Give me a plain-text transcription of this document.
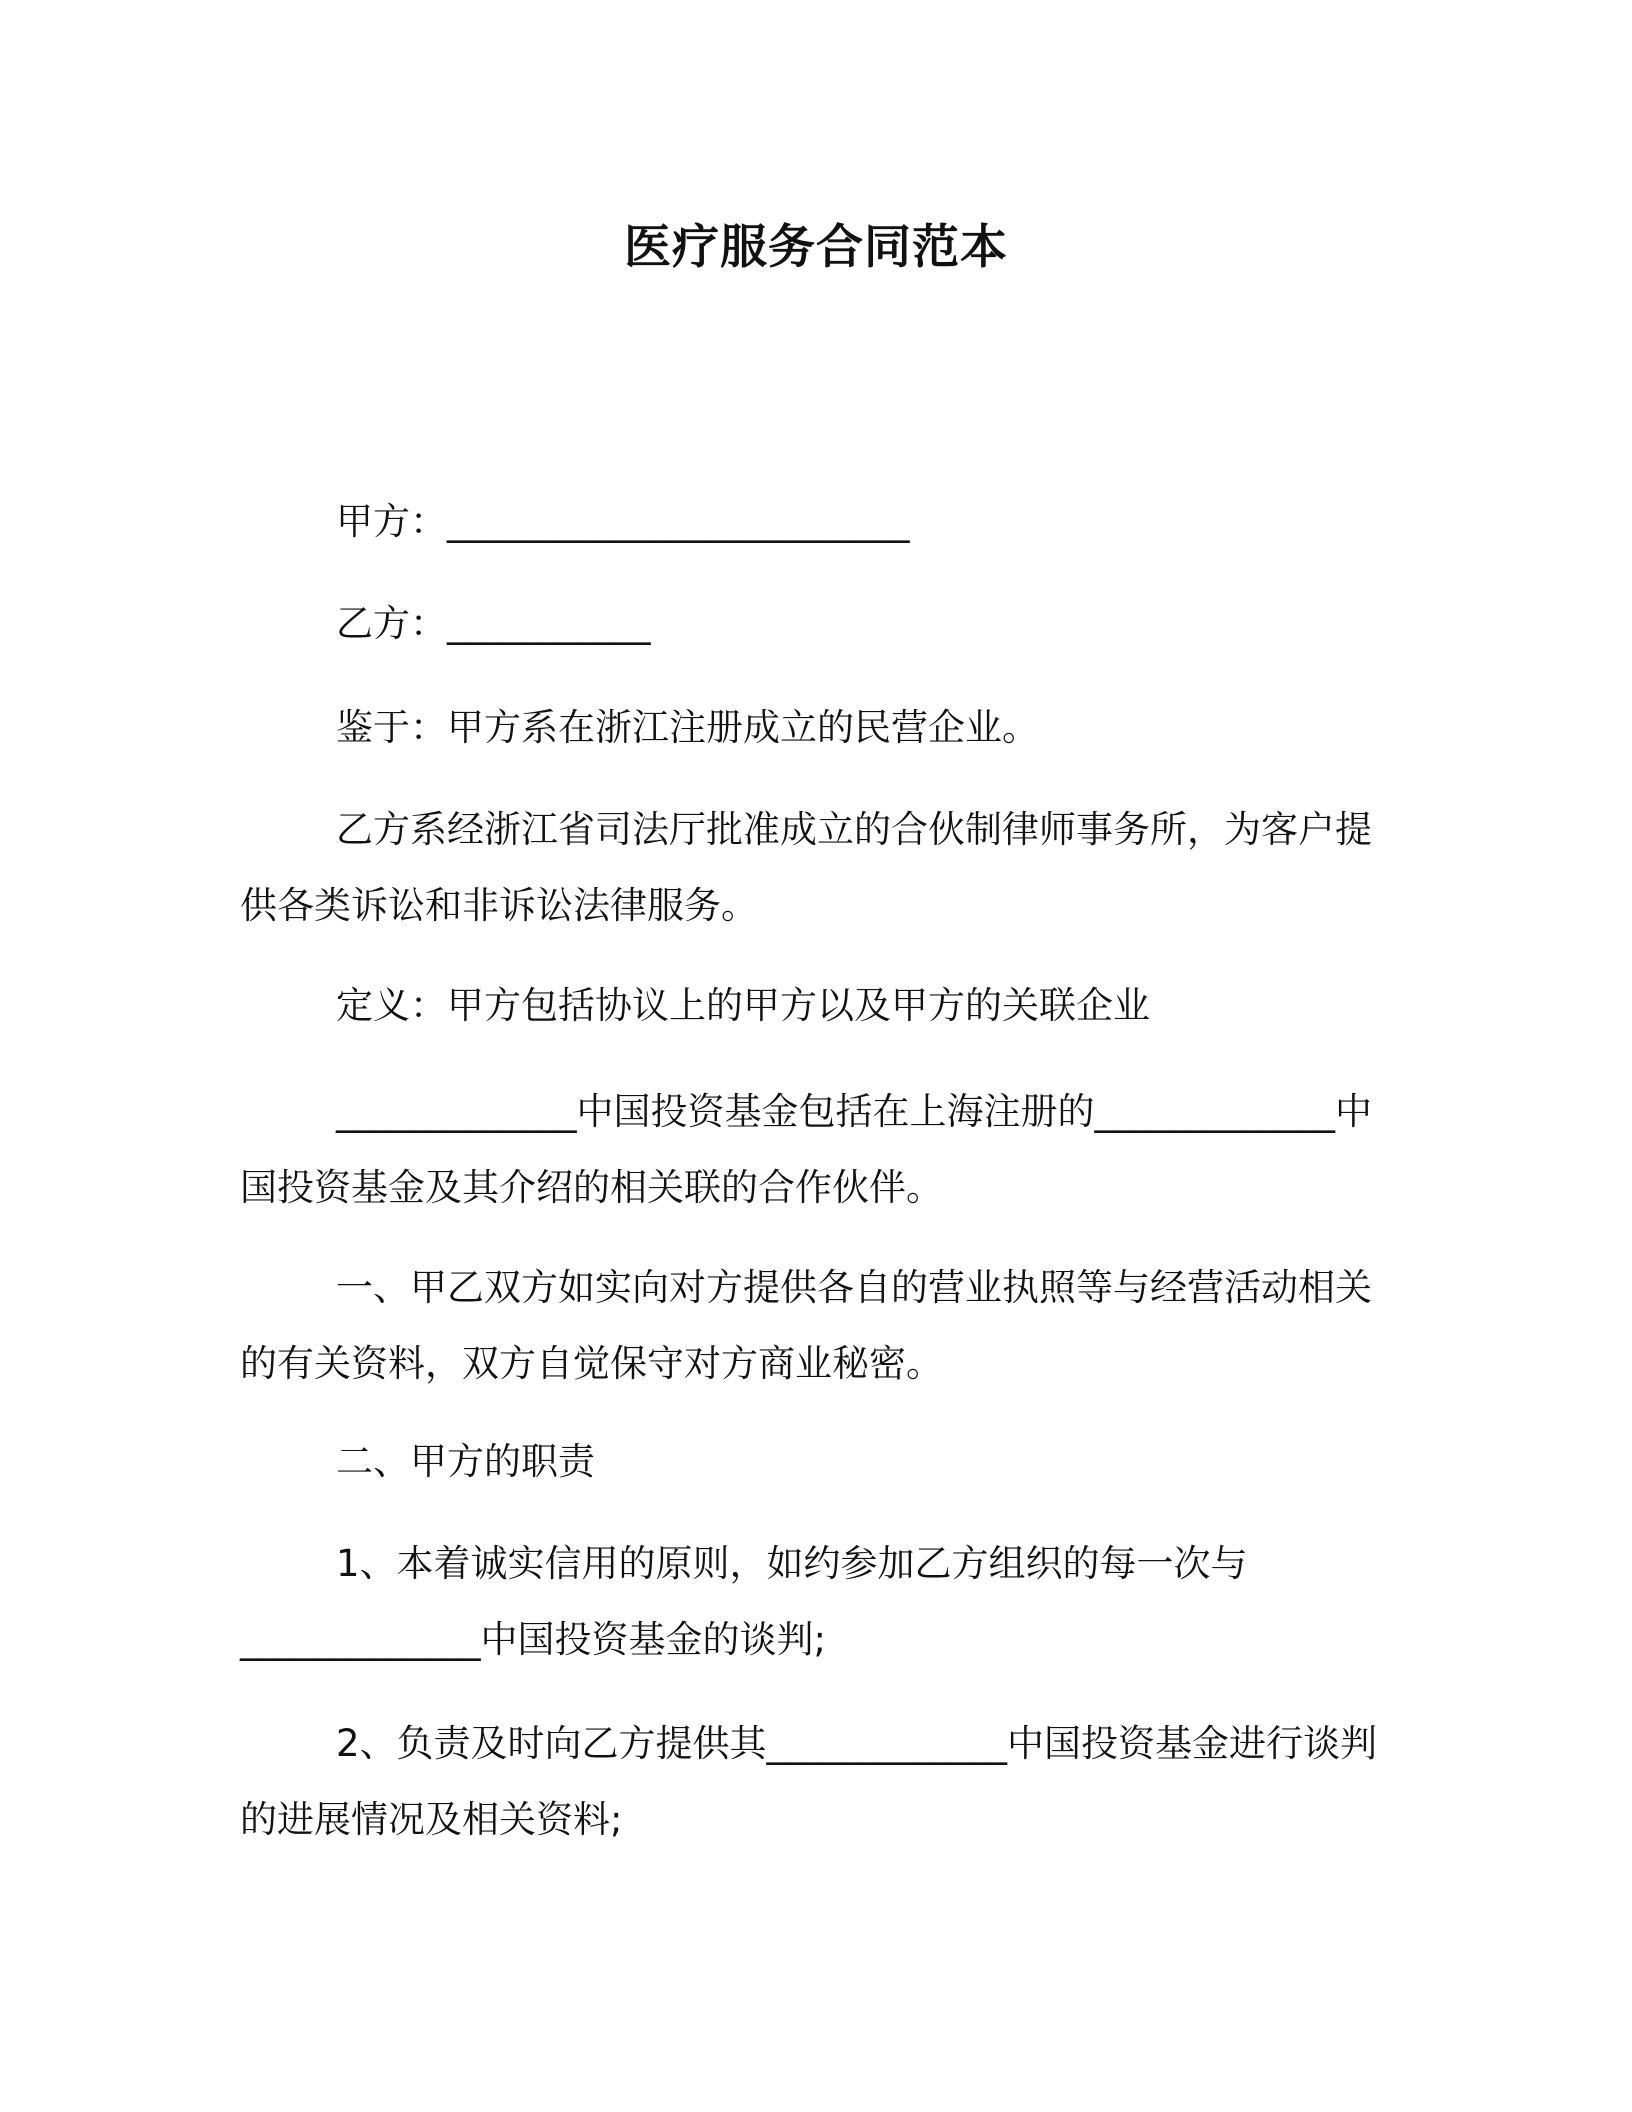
医疗服务合同范本
甲方：_________________________
乙方：___________
鉴于：甲方系在浙江注册成立的民营企业。
乙方系经浙江省司法厅批准成立的合伙制律师事务所，为客户提供各类诉讼和非诉讼法律服务。
定义：甲方包括协议上的甲方以及甲方的关联企业
_____________中国投资基金包括在上海注册的_____________中国投资基金及其介绍的相关联的合作伙伴。
一、甲乙双方如实向对方提供各自的营业执照等与经营活动相关的有关资料，双方自觉保守对方商业秘密。
二、甲方的职责
1、本着诚实信用的原则，如约参加乙方组织的每一次与_____________中国投资基金的谈判;
2、负责及时向乙方提供其_____________中国投资基金进行谈判的进展情况及相关资料;
